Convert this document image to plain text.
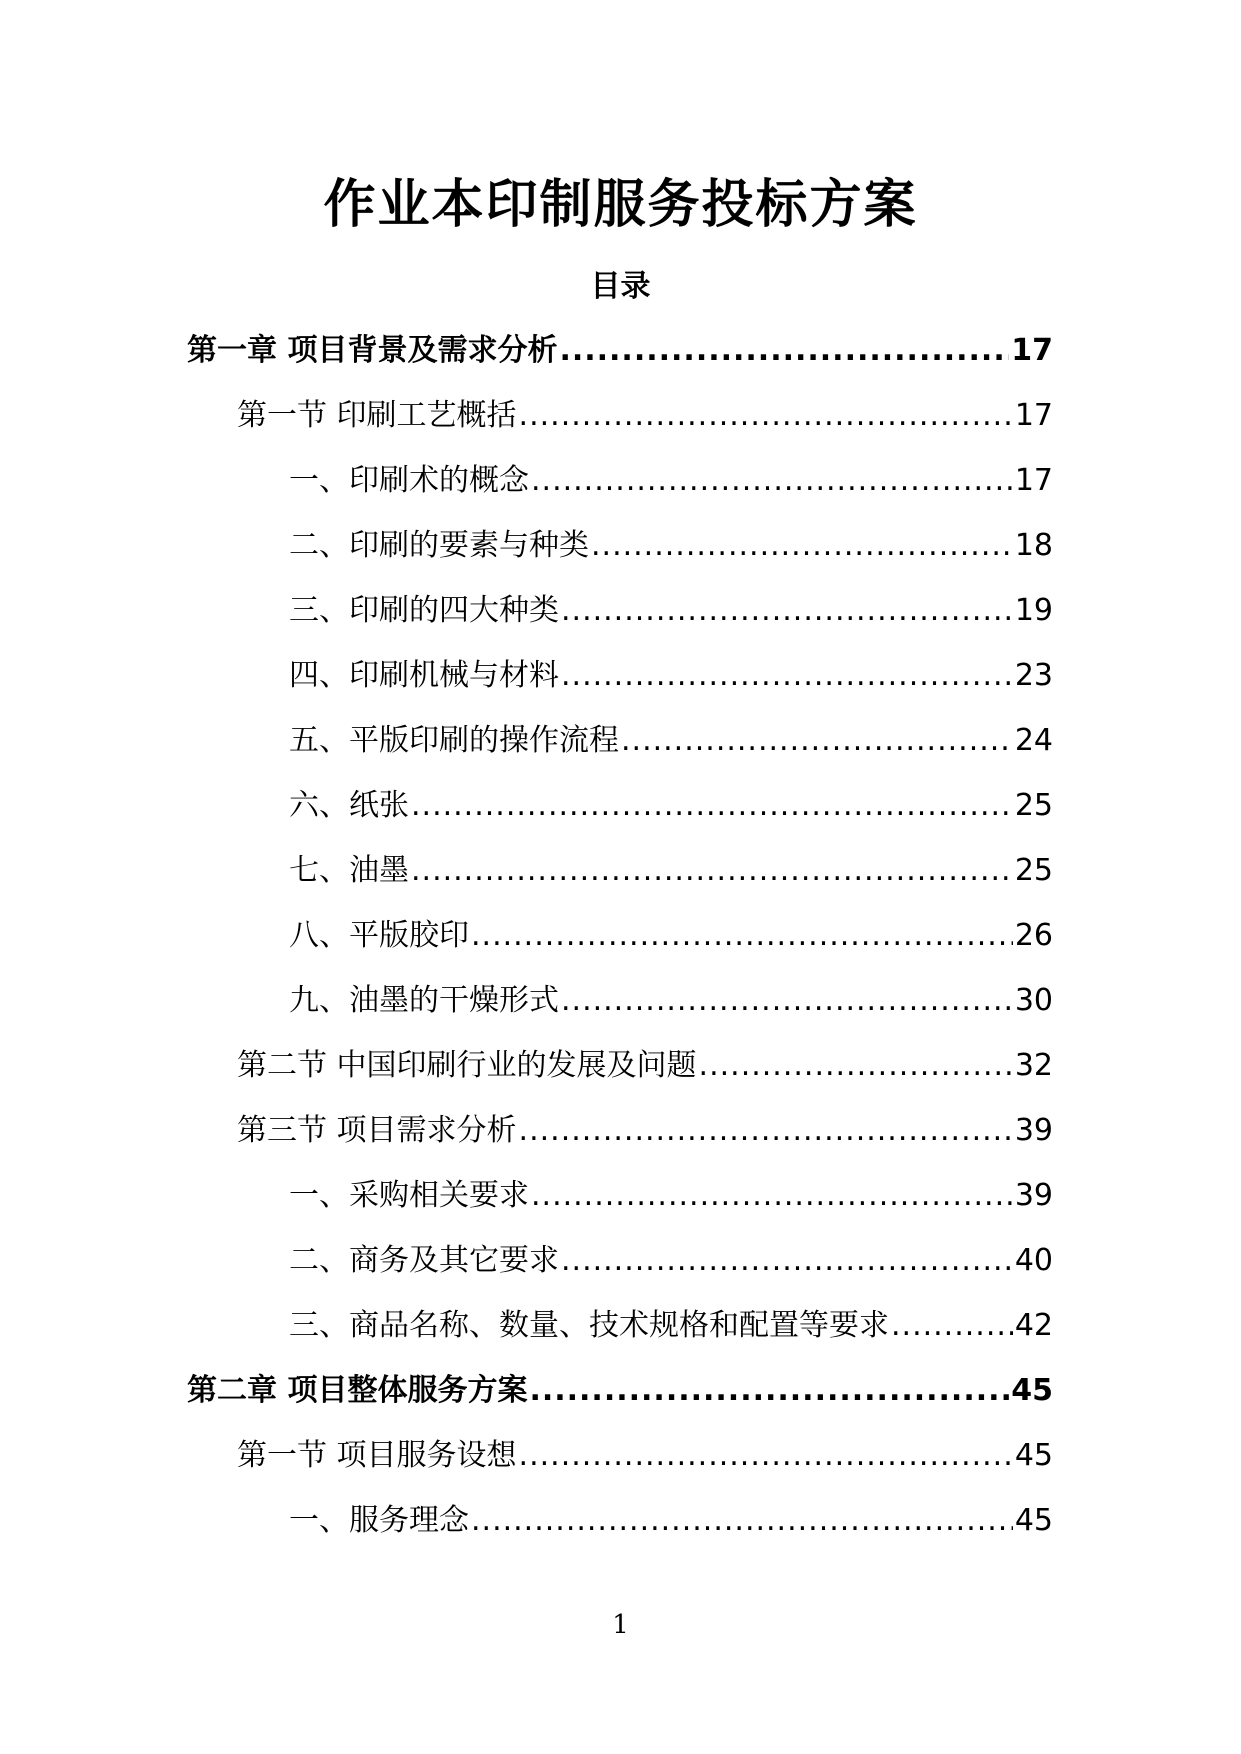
作业本印制服务投标方案
目录
第一章 项目背景及需求分析 .....	17
第一节 印刷工艺概括 .....	17
一、印刷术的概念 .....	17
二、印刷的要素与种类 .....	18
三、印刷的四大种类 .....	19
四、印刷机械与材料 .....	23
五、平版印刷的操作流程 .....	24
六、纸张 .....	25
七、油墨 .....	25
八、平版胶印 .....	26
九、油墨的干燥形式 .....	30
第二节 中国印刷行业的发展及问题 .....	32
第三节 项目需求分析 .....	39
一、采购相关要求 .....	39
二、商务及其它要求 .....	40
三、商品名称、数量、技术规格和配置等要求 .....	42
第二章 项目整体服务方案 .....	45
第一节 项目服务设想 .....	45
一、服务理念 .....	45
1
